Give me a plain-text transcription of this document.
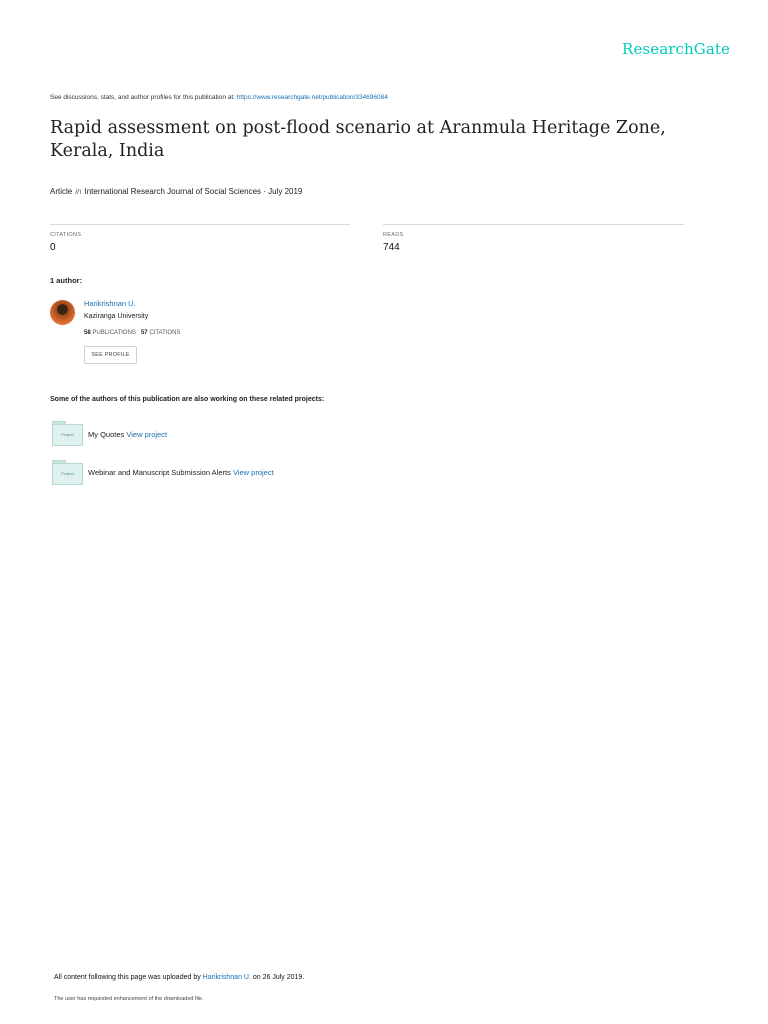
ResearchGate
See discussions, stats, and author profiles for this publication at: https://www.researchgate.net/publication/334696084
Rapid assessment on post-flood scenario at Aranmula Heritage Zone, Kerala, India
Article in International Research Journal of Social Sciences · July 2019
CITATIONS
0
READS
744
1 author:
Harikrishnan U.
Kaziranga University
58 PUBLICATIONS 57 CITATIONS
SEE PROFILE
Some of the authors of this publication are also working on these related projects:
Project	My Quotes View project
Project	Webinar and Manuscript Submission Alerts View project
All content following this page was uploaded by Harikrishnan U. on 26 July 2019.
The user has requested enhancement of the downloaded file.
